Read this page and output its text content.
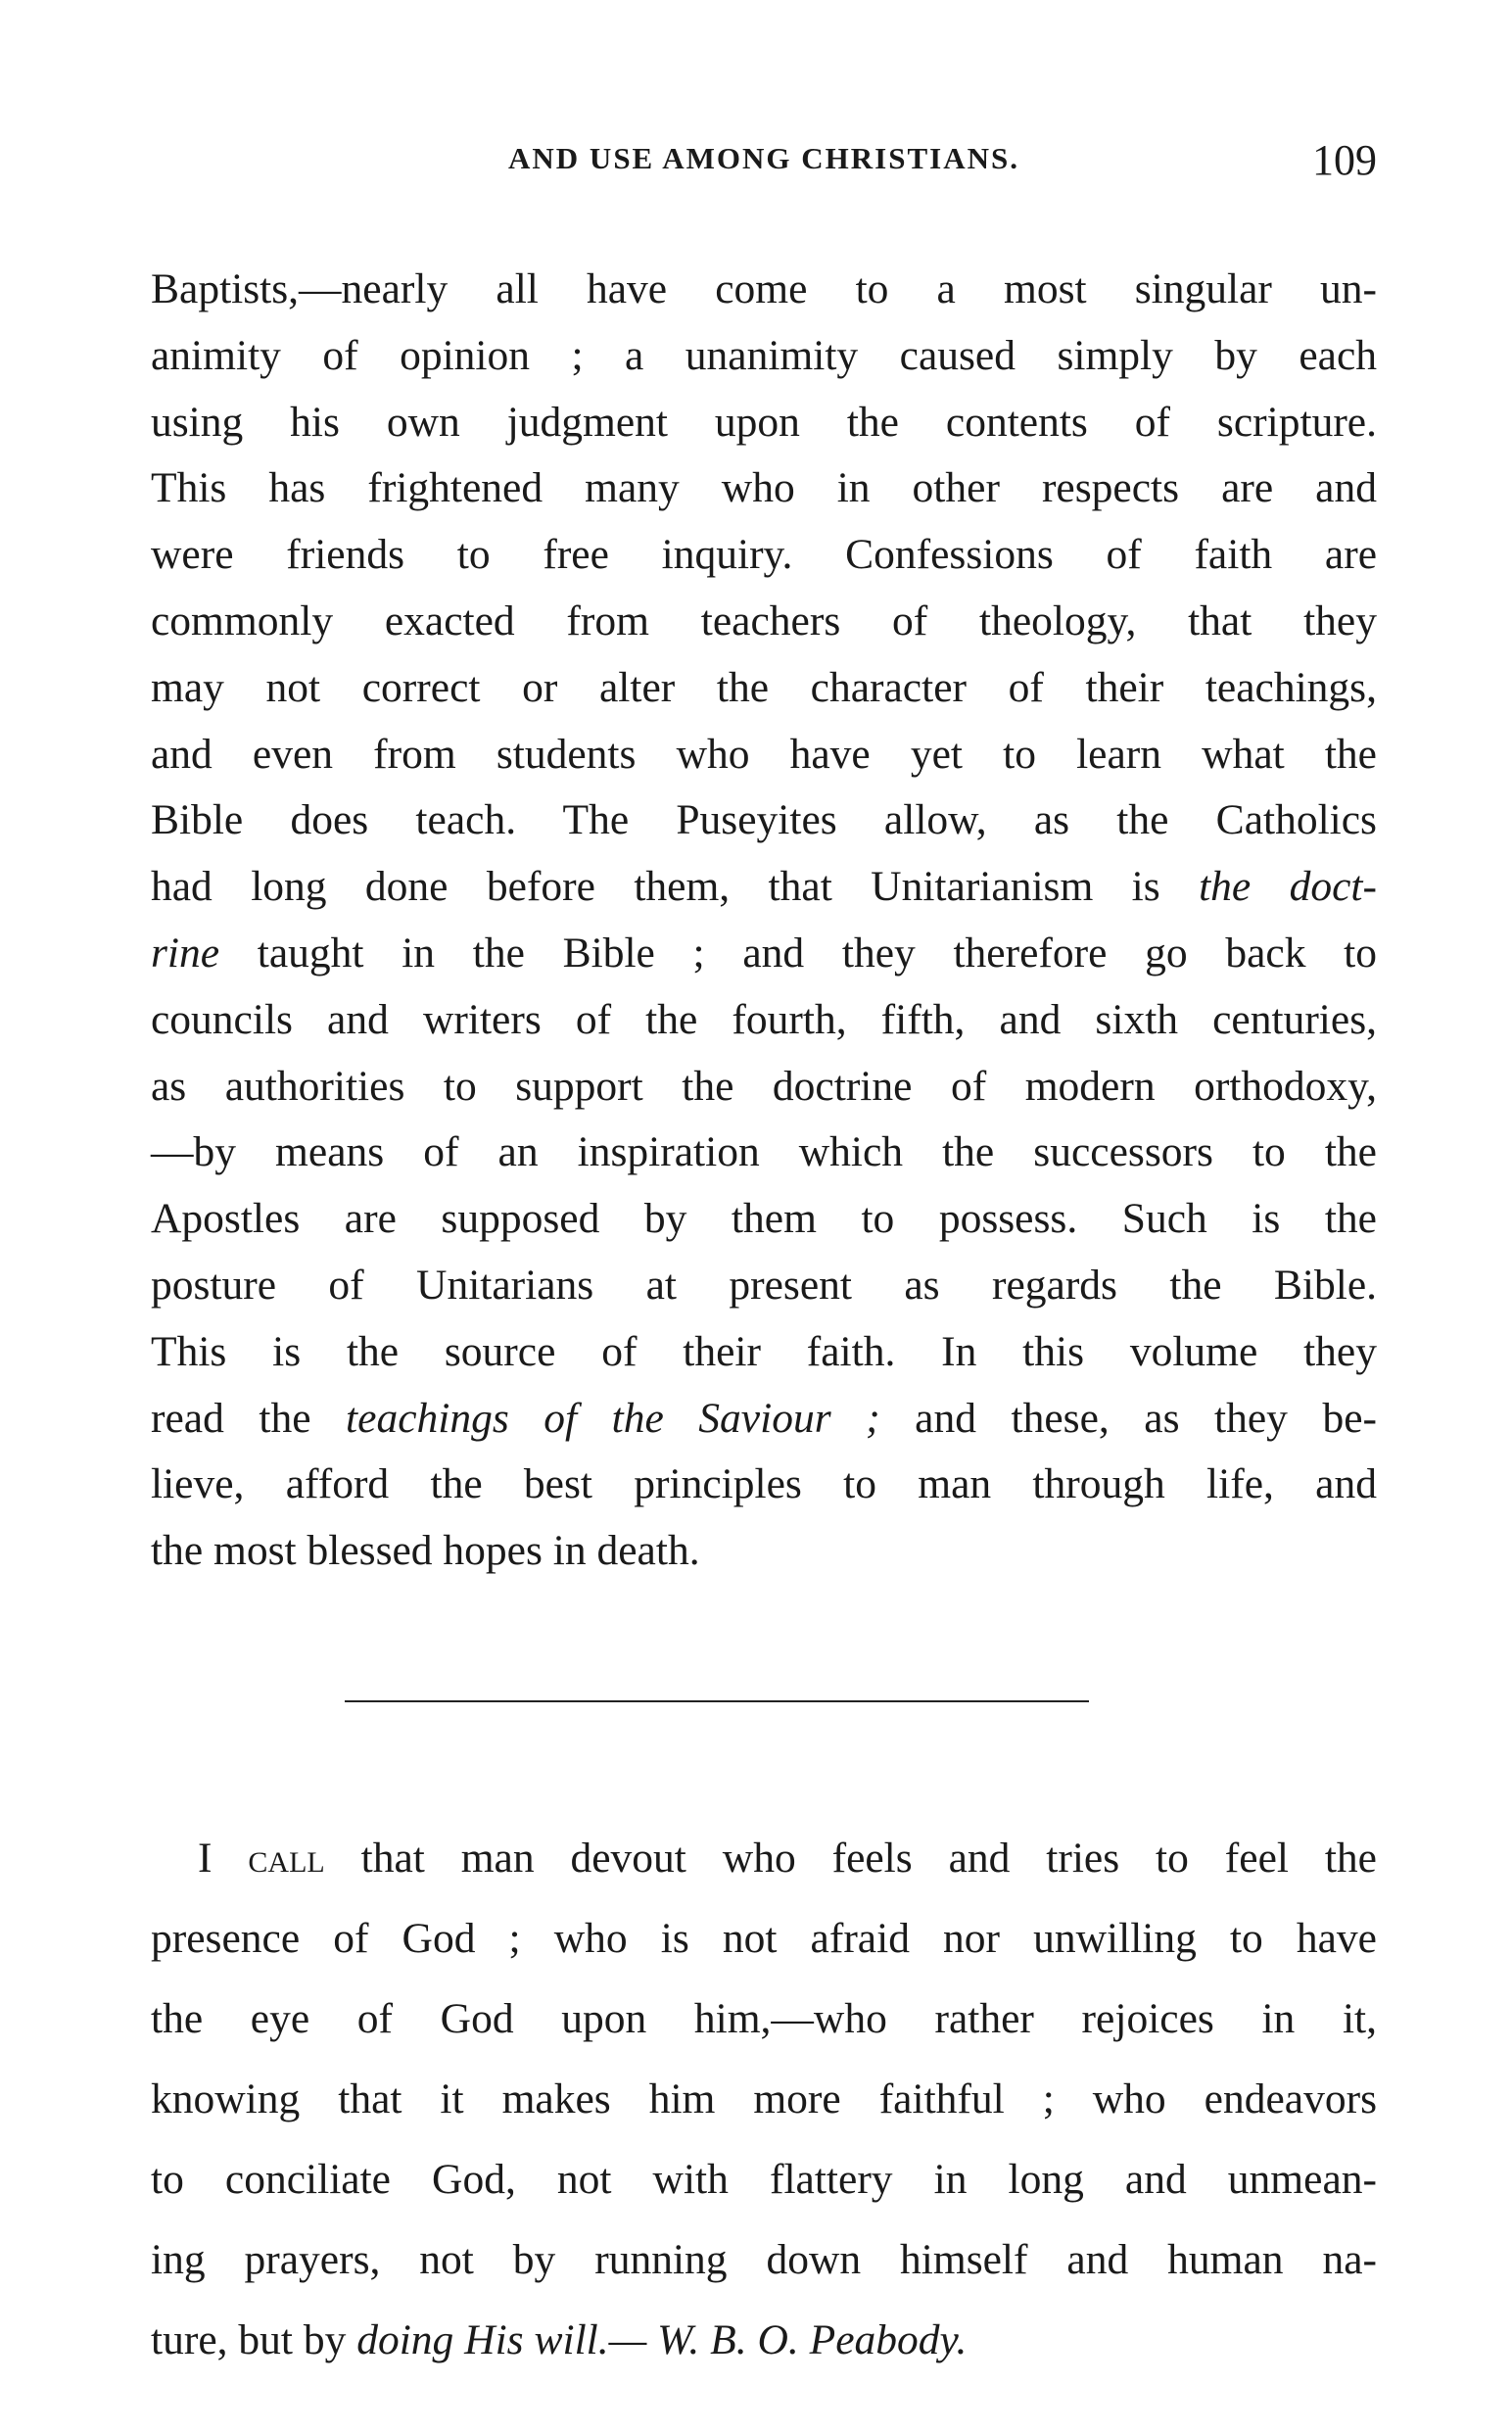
AND USE AMONG CHRISTIANS.	109
Baptists,—nearly all have come to a most singular un-
animity of opinion ; a unanimity caused simply by each
using his own judgment upon the contents of scripture.
This has frightened many who in other respects are and
were friends to free inquiry. Confessions of faith are
commonly exacted from teachers of theology, that they
may not correct or alter the character of their teachings,
and even from students who have yet to learn what the
Bible does teach. The Puseyites allow, as the Catholics
had long done before them, that Unitarianism is the doct-
rine taught in the Bible ; and they therefore go back to
councils and writers of the fourth, fifth, and sixth centuries,
as authorities to support the doctrine of modern orthodoxy,
—by means of an inspiration which the successors to the
Apostles are supposed by them to possess. Such is the
posture of Unitarians at present as regards the Bible.
This is the source of their faith. In this volume they
read the teachings of the Saviour ; and these, as they be-
lieve, afford the best principles to man through life, and
the most blessed hopes in death.
I call that man devout who feels and tries to feel the
presence of God ; who is not afraid nor unwilling to have
the eye of God upon him,—who rather rejoices in it,
knowing that it makes him more faithful ; who endeavors
to conciliate God, not with flattery in long and unmean-
ing prayers, not by running down himself and human na-
ture, but by doing His will.— W. B. O. Peabody.
